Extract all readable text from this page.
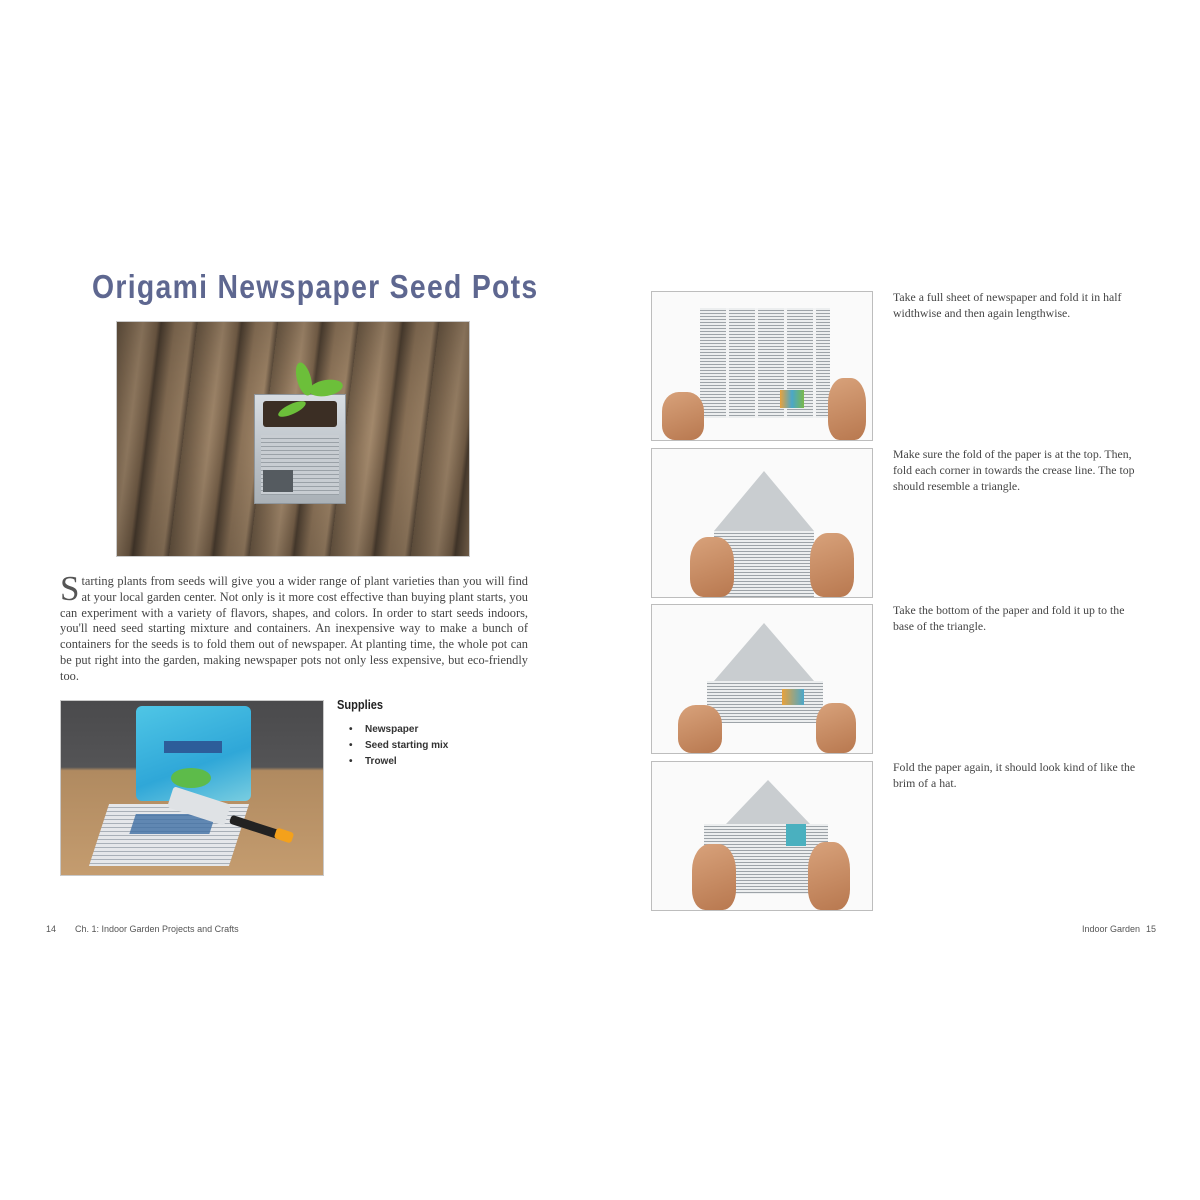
Origami Newspaper Seed Pots
Starting plants from seeds will give you a wider range of plant varieties than you will find at your local garden center. Not only is it more cost effective than buying plant starts, you can experiment with a variety of flavors, shapes, and colors. In order to start seeds indoors, you'll need seed starting mixture and containers. An inexpensive way to make a bunch of containers for the seeds is to fold them out of newspaper. At planting time, the whole pot can be put right into the garden, making newspaper pots not only less expensive, but eco-friendly too.
Supplies
• Newspaper
• Seed starting mix
• Trowel
14 Ch. 1: Indoor Garden Projects and Crafts
Take a full sheet of newspaper and fold it in half widthwise and then again lengthwise.
Make sure the fold of the paper is at the top. Then, fold each corner in towards the crease line. The top should resemble a triangle.
Take the bottom of the paper and fold it up to the base of the triangle.
Fold the paper again, it should look kind of like the brim of a hat.
Indoor Garden 15
